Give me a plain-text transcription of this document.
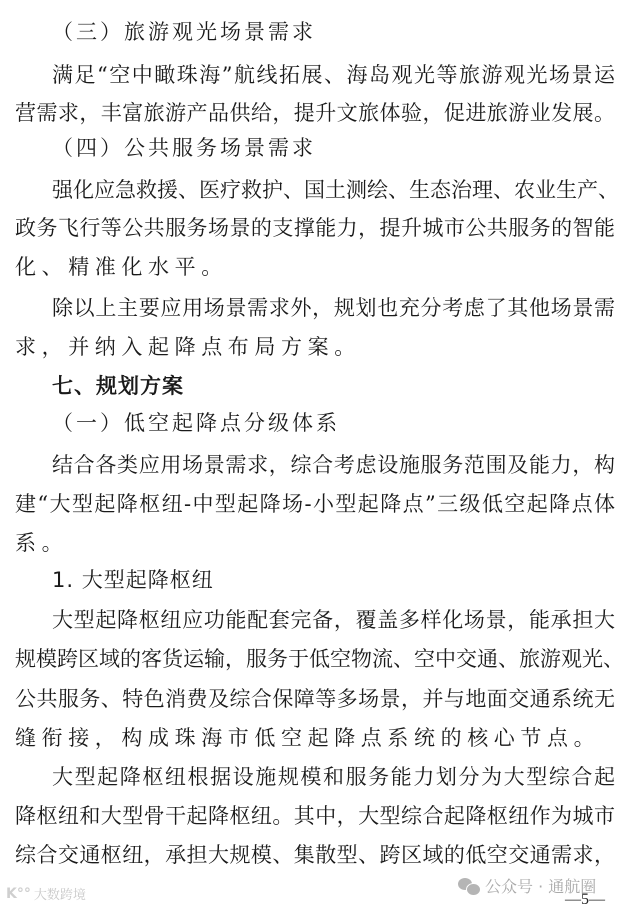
（三）旅游观光场景需求
满足“空中瞰珠海”航线拓展、海岛观光等旅游观光场景运
营需求，丰富旅游产品供给，提升文旅体验，促进旅游业发展。
（四）公共服务场景需求
强化应急救援、医疗救护、国土测绘、生态治理、农业生产、
政务飞行等公共服务场景的支撑能力，提升城市公共服务的智能
化、精准化水平。
除以上主要应用场景需求外，规划也充分考虑了其他场景需
求，并纳入起降点布局方案。
七、规划方案
（一）低空起降点分级体系
结合各类应用场景需求，综合考虑设施服务范围及能力，构
建“大型起降枢纽-中型起降场-小型起降点”三级低空起降点体
系。
1. 大型起降枢纽
大型起降枢纽应功能配套完备，覆盖多样化场景，能承担大
规模跨区域的客货运输，服务于低空物流、空中交通、旅游观光、
公共服务、特色消费及综合保障等多场景，并与地面交通系统无
缝衔接，构成珠海市低空起降点系统的核心节点。
大型起降枢纽根据设施规模和服务能力划分为大型综合起
降枢纽和大型骨干起降枢纽。其中，大型综合起降枢纽作为城市
综合交通枢纽，承担大规模、集散型、跨区域的低空交通需求，
K°° 大数跨境	公众号 · 通航圈
—5—
